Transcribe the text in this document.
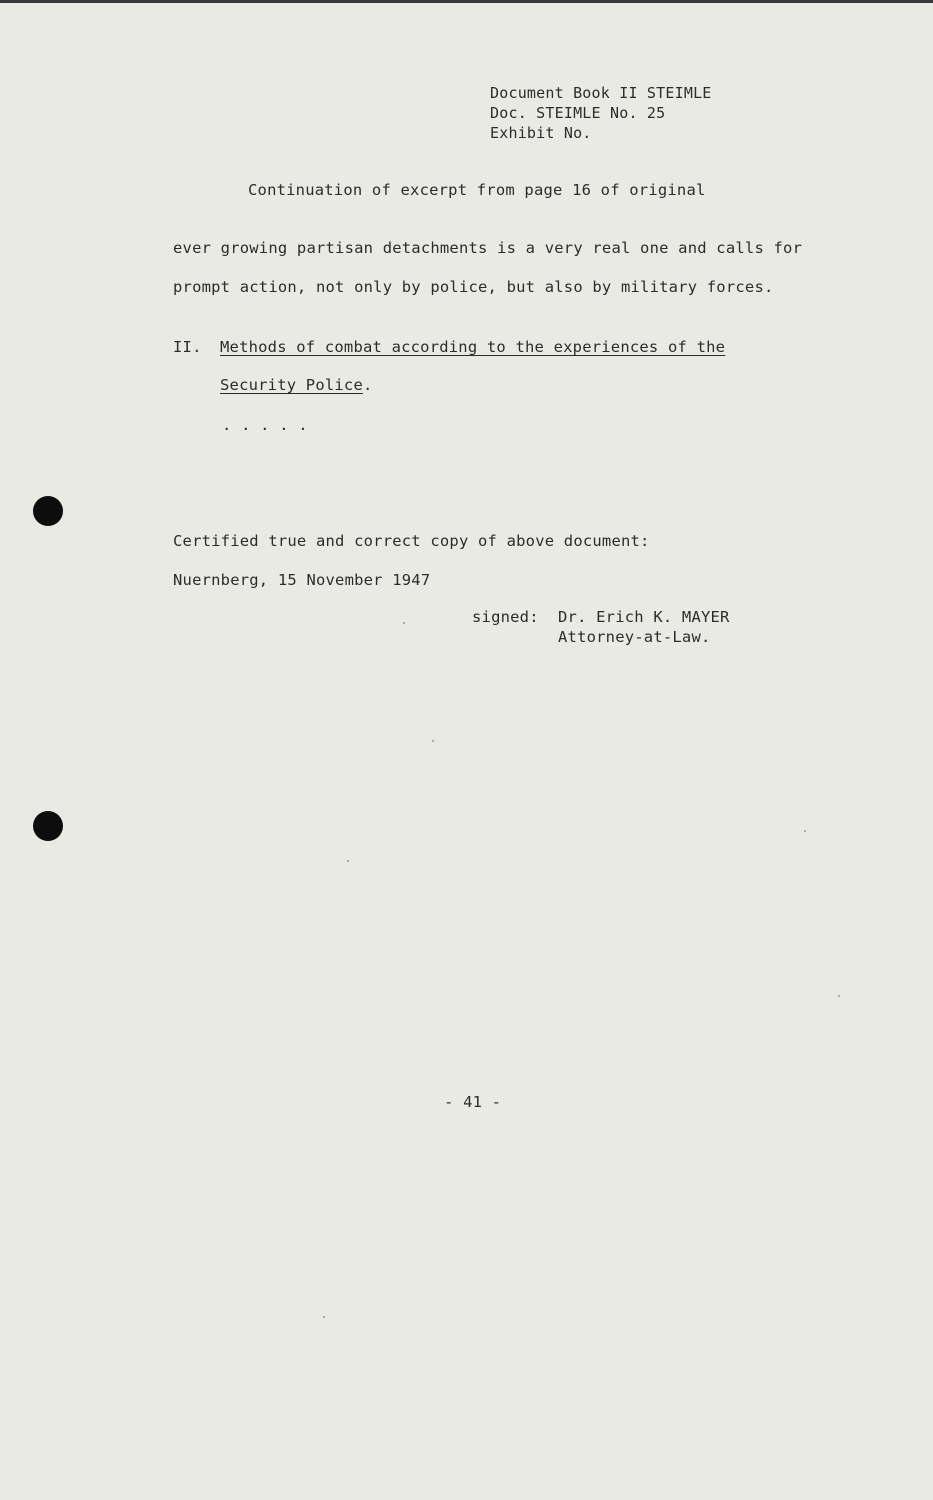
Document Book II STEIMLE
Doc. STEIMLE No. 25
Exhibit No.
Continuation of excerpt from page 16 of original
ever growing partisan detachments is a very real one and calls for
prompt action, not only by police, but also by military forces.
II. Methods of combat according to the experiences of the
Security Police.
. . . . .
Certified true and correct copy of above document:
Nuernberg, 15 November 1947
signed: Dr. Erich K. MAYER
Attorney-at-Law.
- 41 -
